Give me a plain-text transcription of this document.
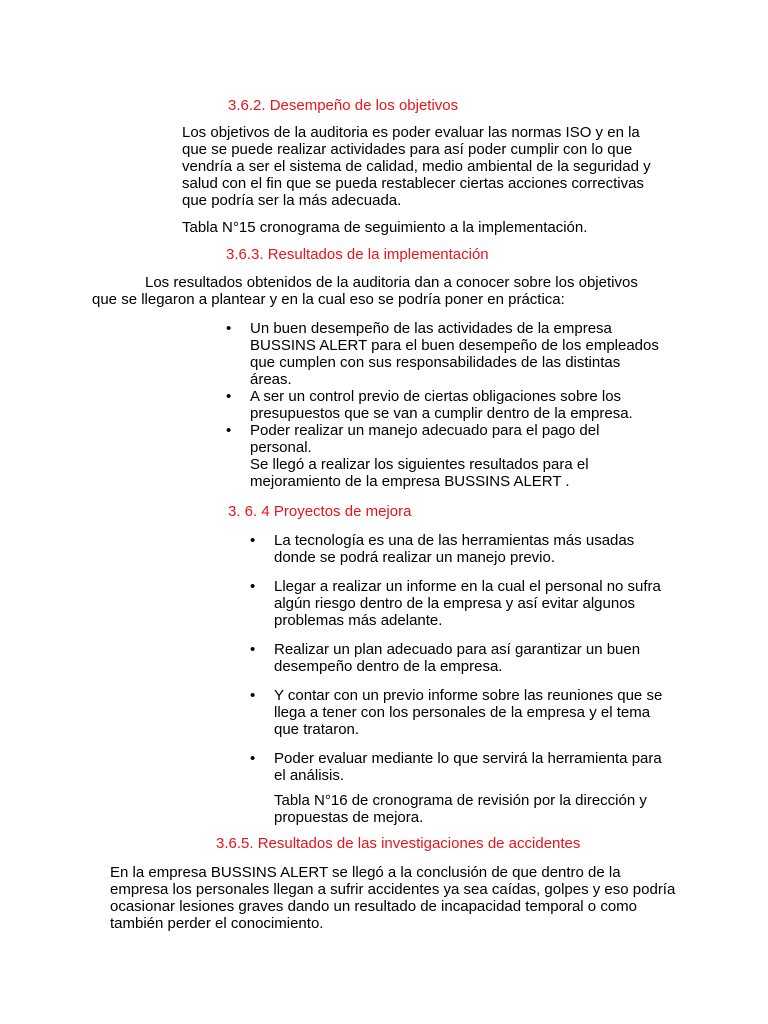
3.6.2. Desempeño de los objetivos

Los objetivos de la auditoria es poder evaluar las normas ISO y en la que se puede realizar actividades para así poder cumplir con lo que vendría a ser el sistema de calidad, medio ambiental de la seguridad y salud con el fin que se pueda restablecer ciertas acciones correctivas que podría ser la más adecuada.

Tabla N°15 cronograma de seguimiento a la implementación.

3.6.3. Resultados de la implementación

Los resultados obtenidos de la auditoria dan a conocer sobre los objetivos que se llegaron a plantear y en la cual eso se podría poner en práctica:

• Un buen desempeño de las actividades de la empresa BUSSINS ALERT para el buen desempeño de los empleados que cumplen con sus responsabilidades de las distintas áreas.
• A ser un control previo de ciertas obligaciones sobre los presupuestos que se van a cumplir dentro de la empresa.
• Poder realizar un manejo adecuado para el pago del personal.
Se llegó a realizar los siguientes resultados para el mejoramiento de la empresa BUSSINS ALERT .
3. 6. 4 Proyectos de mejora
• La tecnología es una de las herramientas más usadas donde se podrá realizar un manejo previo.
• Llegar a realizar un informe en la cual el personal no sufra algún riesgo dentro de la empresa y así evitar algunos problemas más adelante.
• Realizar un plan adecuado para así garantizar un buen desempeño dentro de la empresa.
• Y contar con un previo informe sobre las reuniones que se llega a tener con los personales de la empresa y el tema que trataron.
• Poder evaluar mediante lo que servirá la herramienta para el análisis.

Tabla N°16 de cronograma de revisión por la dirección y propuestas de mejora.

3.6.5. Resultados de las investigaciones de accidentes

En la empresa BUSSINS ALERT se llegó a la conclusión de que dentro de la empresa los personales llegan a sufrir accidentes ya sea caídas, golpes y eso podría ocasionar lesiones graves dando un resultado de incapacidad temporal o como también perder el conocimiento.
